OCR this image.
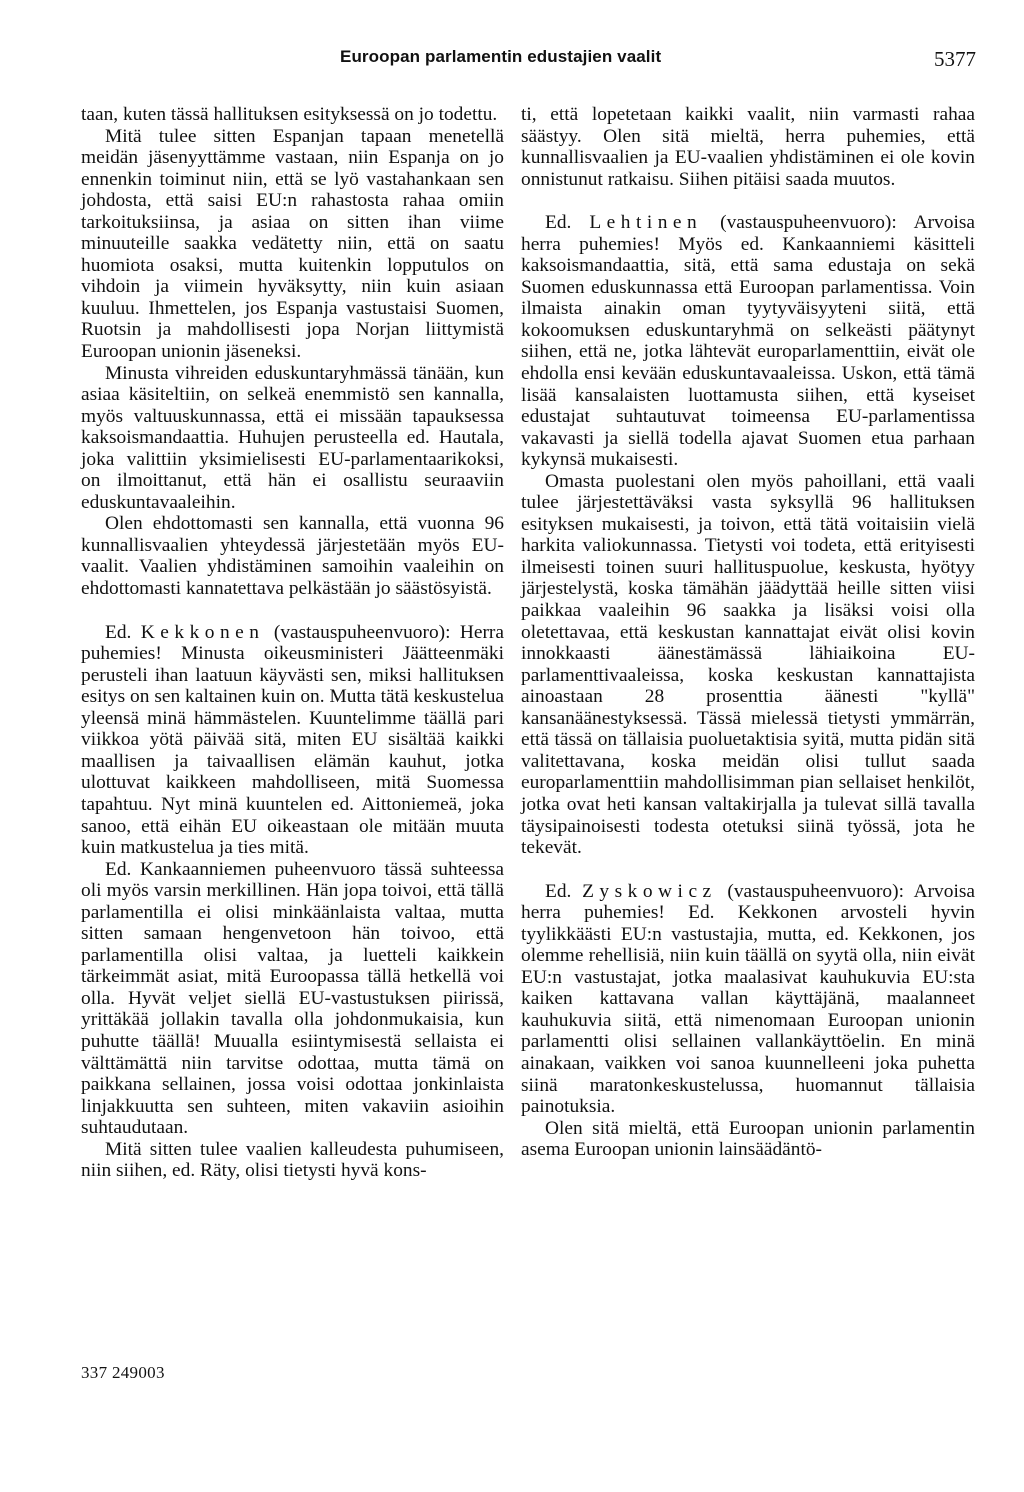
Euroopan parlamentin edustajien vaalit	5377

taan, kuten tässä hallituksen esityksessä on jo todettu.

Mitä tulee sitten Espanjan tapaan menetellä meidän jäsenyyttämme vastaan, niin Espanja on jo ennenkin toiminut niin, että se lyö vastahankaan sen johdosta, että saisi EU:n rahastosta rahaa omiin tarkoituksiinsa, ja asiaa on sitten ihan viime minuuteille saakka vedätetty niin, että on saatu huomiota osaksi, mutta kuitenkin lopputulos on vihdoin ja viimein hyväksytty, niin kuin asiaan kuuluu. Ihmettelen, jos Espanja vastustaisi Suomen, Ruotsin ja mahdollisesti jopa Norjan liittymistä Euroopan unionin jäseneksi.

Minusta vihreiden eduskuntaryhmässä tänään, kun asiaa käsiteltiin, on selkeä enemmistö sen kannalla, myös valtuuskunnassa, että ei missään tapauksessa kaksoismandaattia. Huhujen perusteella ed. Hautala, joka valittiin yksimielisesti EU-parlamentaarikoksi, on ilmoittanut, että hän ei osallistu seuraaviin eduskuntavaaleihin.

Olen ehdottomasti sen kannalla, että vuonna 96 kunnallisvaalien yhteydessä järjestetään myös EU-vaalit. Vaalien yhdistäminen samoihin vaaleihin on ehdottomasti kannatettava pelkästään jo säästösyistä.

Ed. Kekkonen (vastauspuheenvuoro): Herra puhemies! Minusta oikeusministeri Jäätteenmäki perusteli ihan laatuun käyvästi sen, miksi hallituksen esitys on sen kaltainen kuin on. Mutta tätä keskustelua yleensä minä hämmästelen. Kuuntelimme täällä pari viikkoa yötä päivää sitä, miten EU sisältää kaikki maallisen ja taivaallisen elämän kauhut, jotka ulottuvat kaikkeen mahdolliseen, mitä Suomessa tapahtuu. Nyt minä kuuntelen ed. Aittoniemeä, joka sanoo, että eihän EU oikeastaan ole mitään muuta kuin matkustelua ja ties mitä.

Ed. Kankaanniemen puheenvuoro tässä suhteessa oli myös varsin merkillinen. Hän jopa toivoi, että tällä parlamentilla ei olisi minkäänlaista valtaa, mutta sitten samaan hengenvetoon hän toivoo, että parlamentilla olisi valtaa, ja luetteli kaikkein tärkeimmät asiat, mitä Euroopassa tällä hetkellä voi olla. Hyvät veljet siellä EU-vastustuksen piirissä, yrittäkää jollakin tavalla olla johdonmukaisia, kun puhutte täällä! Muualla esiintymisestä sellaista ei välttämättä niin tarvitse odottaa, mutta tämä on paikkana sellainen, jossa voisi odottaa jonkinlaista linjakkuutta sen suhteen, miten vakaviin asioihin suhtaudutaan.

Mitä sitten tulee vaalien kalleudesta puhumiseen, niin siihen, ed. Räty, olisi tietysti hyvä kons-

ti, että lopetetaan kaikki vaalit, niin varmasti rahaa säästyy. Olen sitä mieltä, herra puhemies, että kunnallisvaalien ja EU-vaalien yhdistäminen ei ole kovin onnistunut ratkaisu. Siihen pitäisi saada muutos.

Ed. Lehtinen (vastauspuheenvuoro): Arvoisa herra puhemies! Myös ed. Kankaanniemi käsitteli kaksoismandaattia, sitä, että sama edustaja on sekä Suomen eduskunnassa että Euroopan parlamentissa. Voin ilmaista ainakin oman tyytyväisyyteni siitä, että kokoomuksen eduskuntaryhmä on selkeästi päätynyt siihen, että ne, jotka lähtevät europarlamenttiin, eivät ole ehdolla ensi kevään eduskuntavaaleissa. Uskon, että tämä lisää kansalaisten luottamusta siihen, että kyseiset edustajat suhtautuvat toimeensa EU-parlamentissa vakavasti ja siellä todella ajavat Suomen etua parhaan kykynsä mukaisesti.

Omasta puolestani olen myös pahoillani, että vaali tulee järjestettäväksi vasta syksyllä 96 hallituksen esityksen mukaisesti, ja toivon, että tätä voitaisiin vielä harkita valiokunnassa. Tietysti voi todeta, että erityisesti ilmeisesti toinen suuri hallituspuolue, keskusta, hyötyy järjestelystä, koska tämähän jäädyttää heille sitten viisi paikkaa vaaleihin 96 saakka ja lisäksi voisi olla oletettavaa, että keskustan kannattajat eivät olisi kovin innokkaasti äänestämässä lähiaikoina EU-parlamenttivaaleissa, koska keskustan kannattajista ainoastaan 28 prosenttia äänesti "kyllä" kansanäänestyksessä. Tässä mielessä tietysti ymmärrän, että tässä on tällaisia puoluetaktisia syitä, mutta pidän sitä valitettavana, koska meidän olisi tullut saada europarlamenttiin mahdollisimman pian sellaiset henkilöt, jotka ovat heti kansan valtakirjalla ja tulevat sillä tavalla täysipainoisesti todesta otetuksi siinä työssä, jota he tekevät.

Ed. Zyskowicz (vastauspuheenvuoro): Arvoisa herra puhemies! Ed. Kekkonen arvosteli hyvin tyylikkäästi EU:n vastustajia, mutta, ed. Kekkonen, jos olemme rehellisiä, niin kuin täällä on syytä olla, niin eivät EU:n vastustajat, jotka maalasivat kauhukuvia EU:sta kaiken kattavana vallan käyttäjänä, maalanneet kauhukuvia siitä, että nimenomaan Euroopan unionin parlamentti olisi sellainen vallankäyttöelin. En minä ainakaan, vaikken voi sanoa kuunnelleeni joka puhetta siinä maratonkeskustelussa, huomannut tällaisia painotuksia.

Olen sitä mieltä, että Euroopan unionin parlamentin asema Euroopan unionin lainsäädäntö-

337 249003
